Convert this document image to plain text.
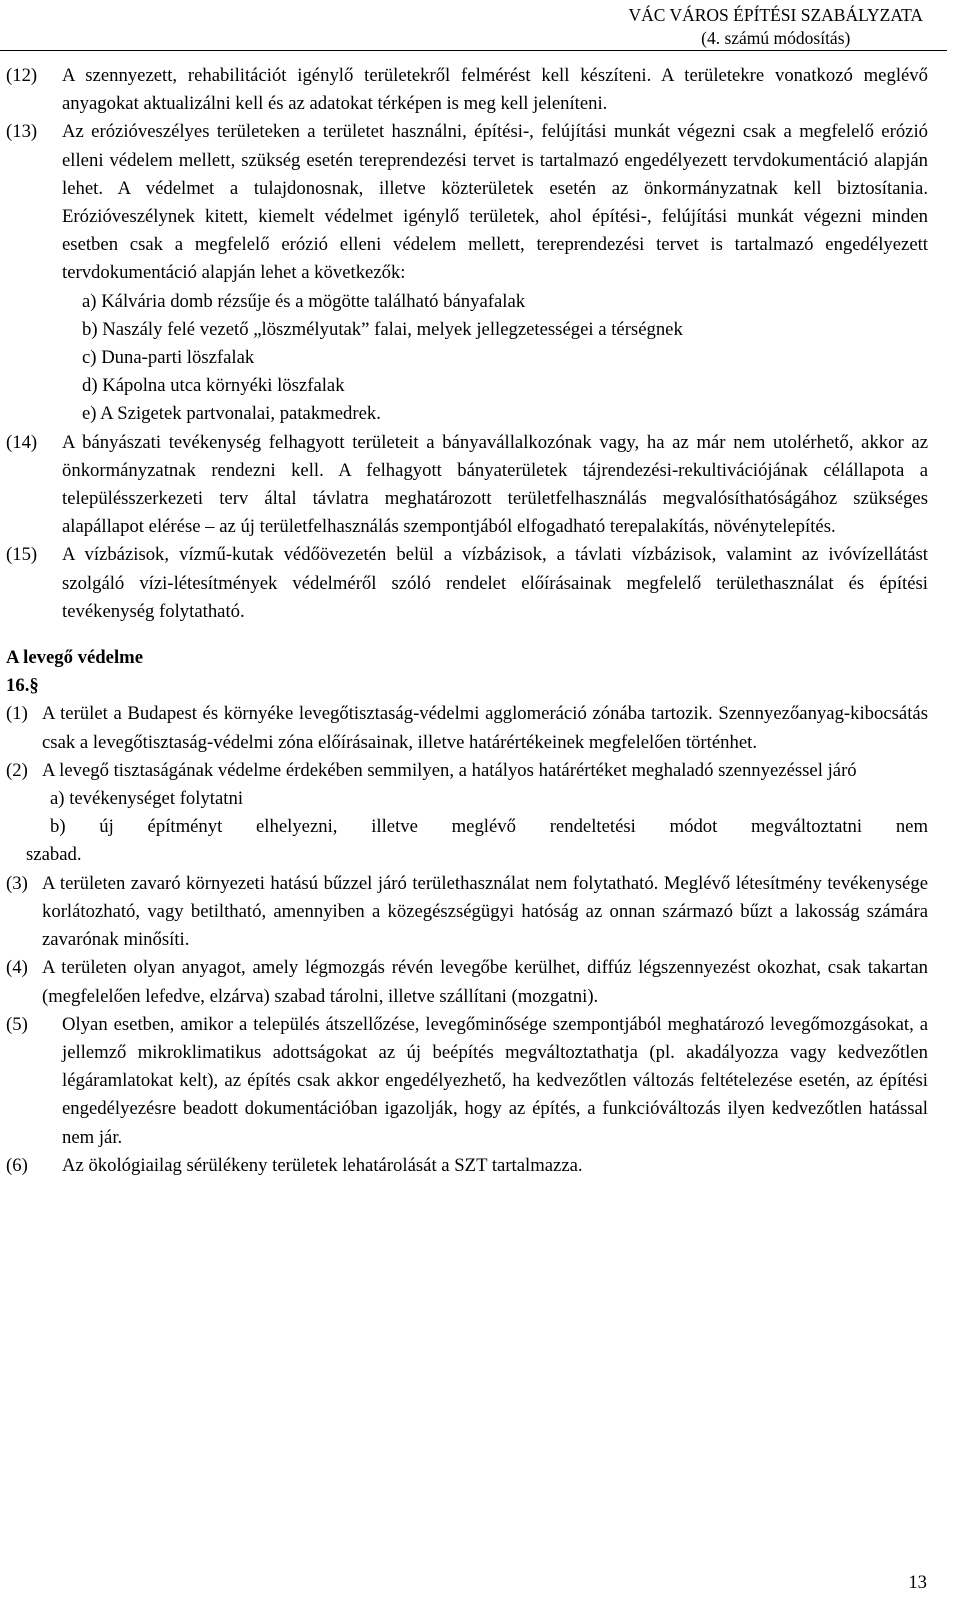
VÁC VÁROS ÉPÍTÉSI SZABÁLYZATA
(4. számú módosítás)

(12) A szennyezett, rehabilitációt igénylő területekről felmérést kell készíteni. A területekre vonatkozó meglévő anyagokat aktualizálni kell és az adatokat térképen is meg kell jeleníteni.

(13) Az erózióveszélyes területeken a területet használni, építési-, felújítási munkát végezni csak a megfelelő erózió elleni védelem mellett, szükség esetén tereprendezési tervet is tartalmazó engedélyezett tervdokumentáció alapján lehet. A védelmet a tulajdonosnak, illetve közterületek esetén az önkormányzatnak kell biztosítania. Erózióveszélynek kitett, kiemelt védelmet igénylő területek, ahol építési-, felújítási munkát végezni minden esetben csak a megfelelő erózió elleni védelem mellett, tereprendezési tervet is tartalmazó engedélyezett tervdokumentáció alapján lehet a következők:

a) Kálvária domb rézsűje és a mögötte található bányafalak

b) Naszály felé vezető „löszmélyutak” falai, melyek jellegzetességei a térségnek

c) Duna-parti löszfalak

d) Kápolna utca környéki löszfalak

e) A Szigetek partvonalai, patakmedrek.

(14) A bányászati tevékenység felhagyott területeit a bányavállalkozónak vagy, ha az már nem utolérhető, akkor az önkormányzatnak rendezni kell. A felhagyott bányaterületek tájrendezési-rekultivációjának célállapota a településszerkezeti terv által távlatra meghatározott területfelhasználás megvalósíthatóságához szükséges alapállapot elérése – az új területfelhasználás szempontjából elfogadható terepalakítás, növénytelepítés.

(15) A vízbázisok, vízmű-kutak védőövezetén belül a vízbázisok, a távlati vízbázisok, valamint az ivóvízellátást szolgáló vízi-létesítmények védelméről szóló rendelet előírásainak megfelelő területhasználat és építési tevékenység folytatható.

A levegő védelme

16.§

(1) A terület a Budapest és környéke levegőtisztaság-védelmi agglomeráció zónába tartozik. Szennyezőanyag-kibocsátás csak a levegőtisztaság-védelmi zóna előírásainak, illetve határértékeinek megfelelően történhet.

(2) A levegő tisztaságának védelme érdekében semmilyen, a hatályos határértéket meghaladó szennyezéssel járó

a) tevékenységet folytatni

b) új építményt elhelyezni, illetve meglévő rendeltetési módot megváltoztatni nem

szabad.

(3) A területen zavaró környezeti hatású bűzzel járó területhasználat nem folytatható. Meglévő létesítmény tevékenysége korlátozható, vagy betiltható, amennyiben a közegészségügyi hatóság az onnan származó bűzt a lakosság számára zavarónak minősíti.

(4) A területen olyan anyagot, amely légmozgás révén levegőbe kerülhet, diffúz légszennyezést okozhat, csak takartan (megfelelően lefedve, elzárva) szabad tárolni, illetve szállítani (mozgatni).

(5) Olyan esetben, amikor a település átszellőzése, levegőminősége szempontjából meghatározó levegőmozgásokat, a jellemző mikroklimatikus adottságokat az új beépítés megváltoztathatja (pl. akadályozza vagy kedvezőtlen légáramlatokat kelt), az építés csak akkor engedélyezhető, ha kedvezőtlen változás feltételezése esetén, az építési engedélyezésre beadott dokumentációban igazolják, hogy az építés, a funkcióváltozás ilyen kedvezőtlen hatással nem jár.

(6) Az ökológiailag sérülékeny területek lehatárolását a SZT tartalmazza.

13
